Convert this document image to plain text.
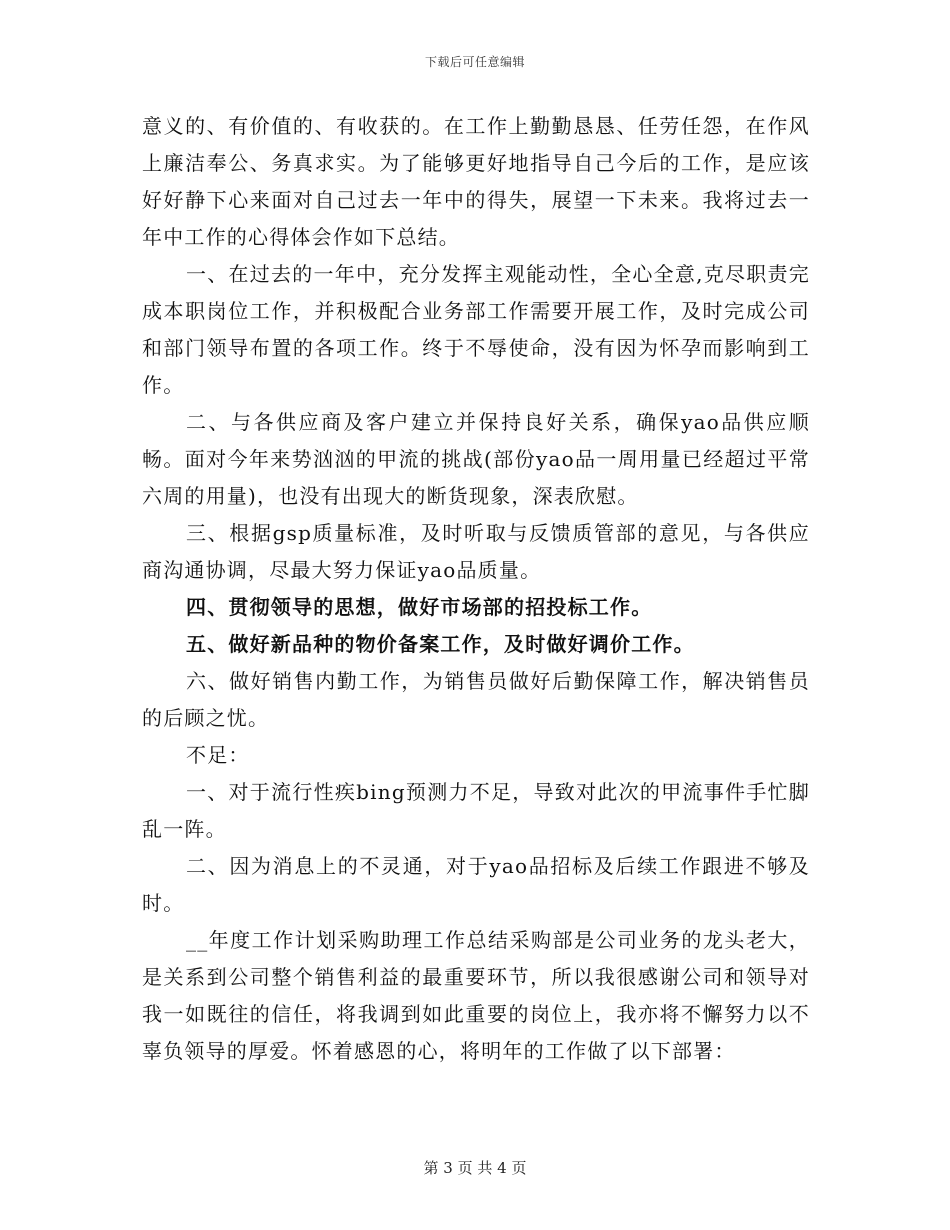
下载后可任意编辑

意义的、有价值的、有收获的。在工作上勤勤恳恳、任劳任怨，在作风上廉洁奉公、务真求实。为了能够更好地指导自己今后的工作，是应该好好静下心来面对自己过去一年中的得失，展望一下未来。我将过去一年中工作的心得体会作如下总结。

一、在过去的一年中，充分发挥主观能动性，全心全意,克尽职责完成本职岗位工作，并积极配合业务部工作需要开展工作，及时完成公司和部门领导布置的各项工作。终于不辱使命，没有因为怀孕而影响到工作。

二、与各供应商及客户建立并保持良好关系，确保yao品供应顺畅。面对今年来势汹汹的甲流的挑战(部份yao品一周用量已经超过平常六周的用量)，也没有出现大的断货现象，深表欣慰。

三、根据gsp质量标准，及时听取与反馈质管部的意见，与各供应商沟通协调，尽最大努力保证yao品质量。

四、贯彻领导的思想，做好市场部的招投标工作。

五、做好新品种的物价备案工作，及时做好调价工作。

六、做好销售内勤工作，为销售员做好后勤保障工作，解决销售员的后顾之忧。

不足：

一、对于流行性疾bing预测力不足，导致对此次的甲流事件手忙脚乱一阵。

二、因为消息上的不灵通，对于yao品招标及后续工作跟进不够及时。

__年度工作计划采购助理工作总结采购部是公司业务的龙头老大，是关系到公司整个销售利益的最重要环节，所以我很感谢公司和领导对我一如既往的信任，将我调到如此重要的岗位上，我亦将不懈努力以不辜负领导的厚爱。怀着感恩的心，将明年的工作做了以下部署：

第 3 页 共 4 页
